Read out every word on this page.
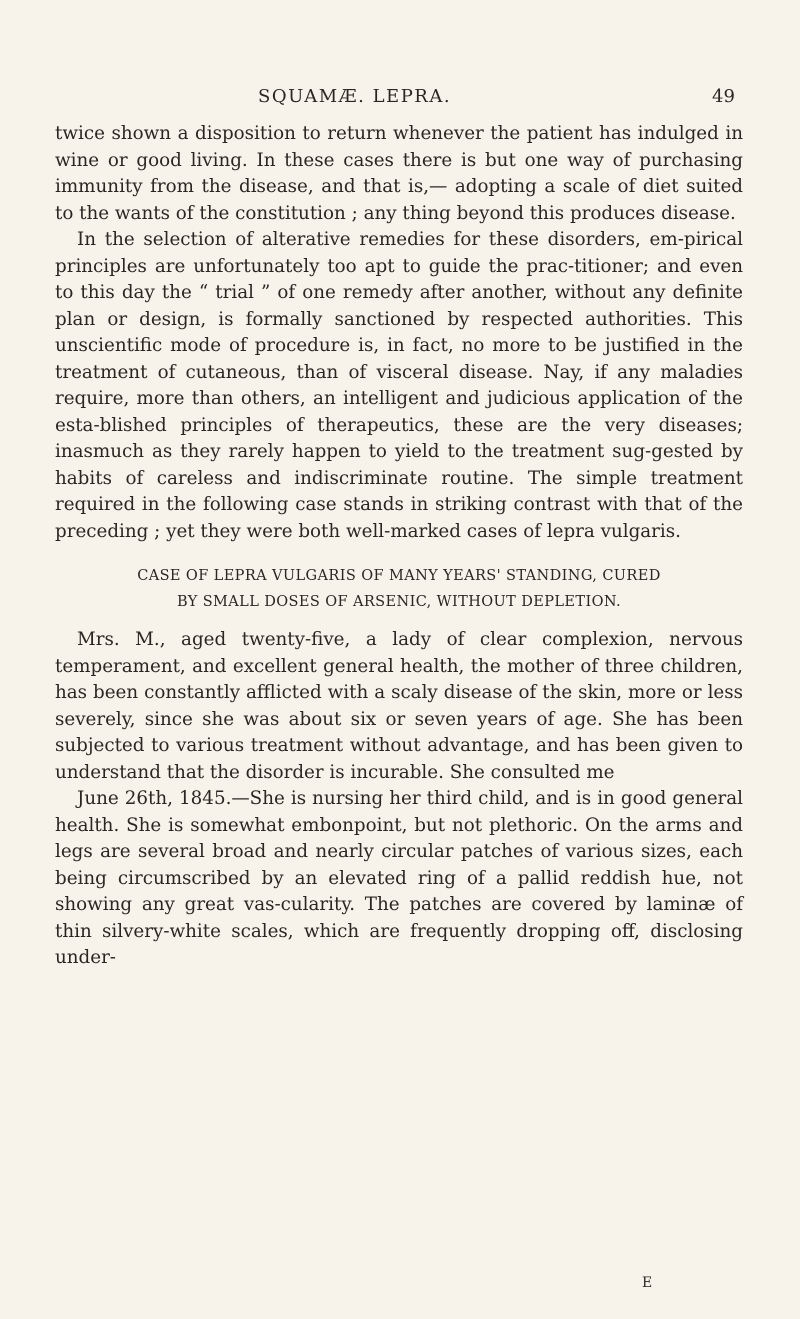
SQUAMÆ. LEPRA.	49

twice shown a disposition to return whenever the patient has indulged in wine or good living. In these cases there is but one way of purchasing immunity from the disease, and that is,— adopting a scale of diet suited to the wants of the constitution ; any thing beyond this produces disease.

In the selection of alterative remedies for these disorders, em-pirical principles are unfortunately too apt to guide the prac-titioner; and even to this day the “ trial ” of one remedy after another, without any definite plan or design, is formally sanctioned by respected authorities. This unscientific mode of procedure is, in fact, no more to be justified in the treatment of cutaneous, than of visceral disease. Nay, if any maladies require, more than others, an intelligent and judicious application of the esta-blished principles of therapeutics, these are the very diseases; inasmuch as they rarely happen to yield to the treatment sug-gested by habits of careless and indiscriminate routine. The simple treatment required in the following case stands in striking contrast with that of the preceding ; yet they were both well-marked cases of lepra vulgaris.

CASE OF LEPRA VULGARIS OF MANY YEARS' STANDING, CURED
BY SMALL DOSES OF ARSENIC, WITHOUT DEPLETION.

Mrs. M., aged twenty-five, a lady of clear complexion, nervous temperament, and excellent general health, the mother of three children, has been constantly afflicted with a scaly disease of the skin, more or less severely, since she was about six or seven years of age. She has been subjected to various treatment without advantage, and has been given to understand that the disorder is incurable. She consulted me

June 26th, 1845.—She is nursing her third child, and is in good general health. She is somewhat embonpoint, but not plethoric. On the arms and legs are several broad and nearly circular patches of various sizes, each being circumscribed by an elevated ring of a pallid reddish hue, not showing any great vas-cularity. The patches are covered by laminæ of thin silvery-white scales, which are frequently dropping off, disclosing under-

E
